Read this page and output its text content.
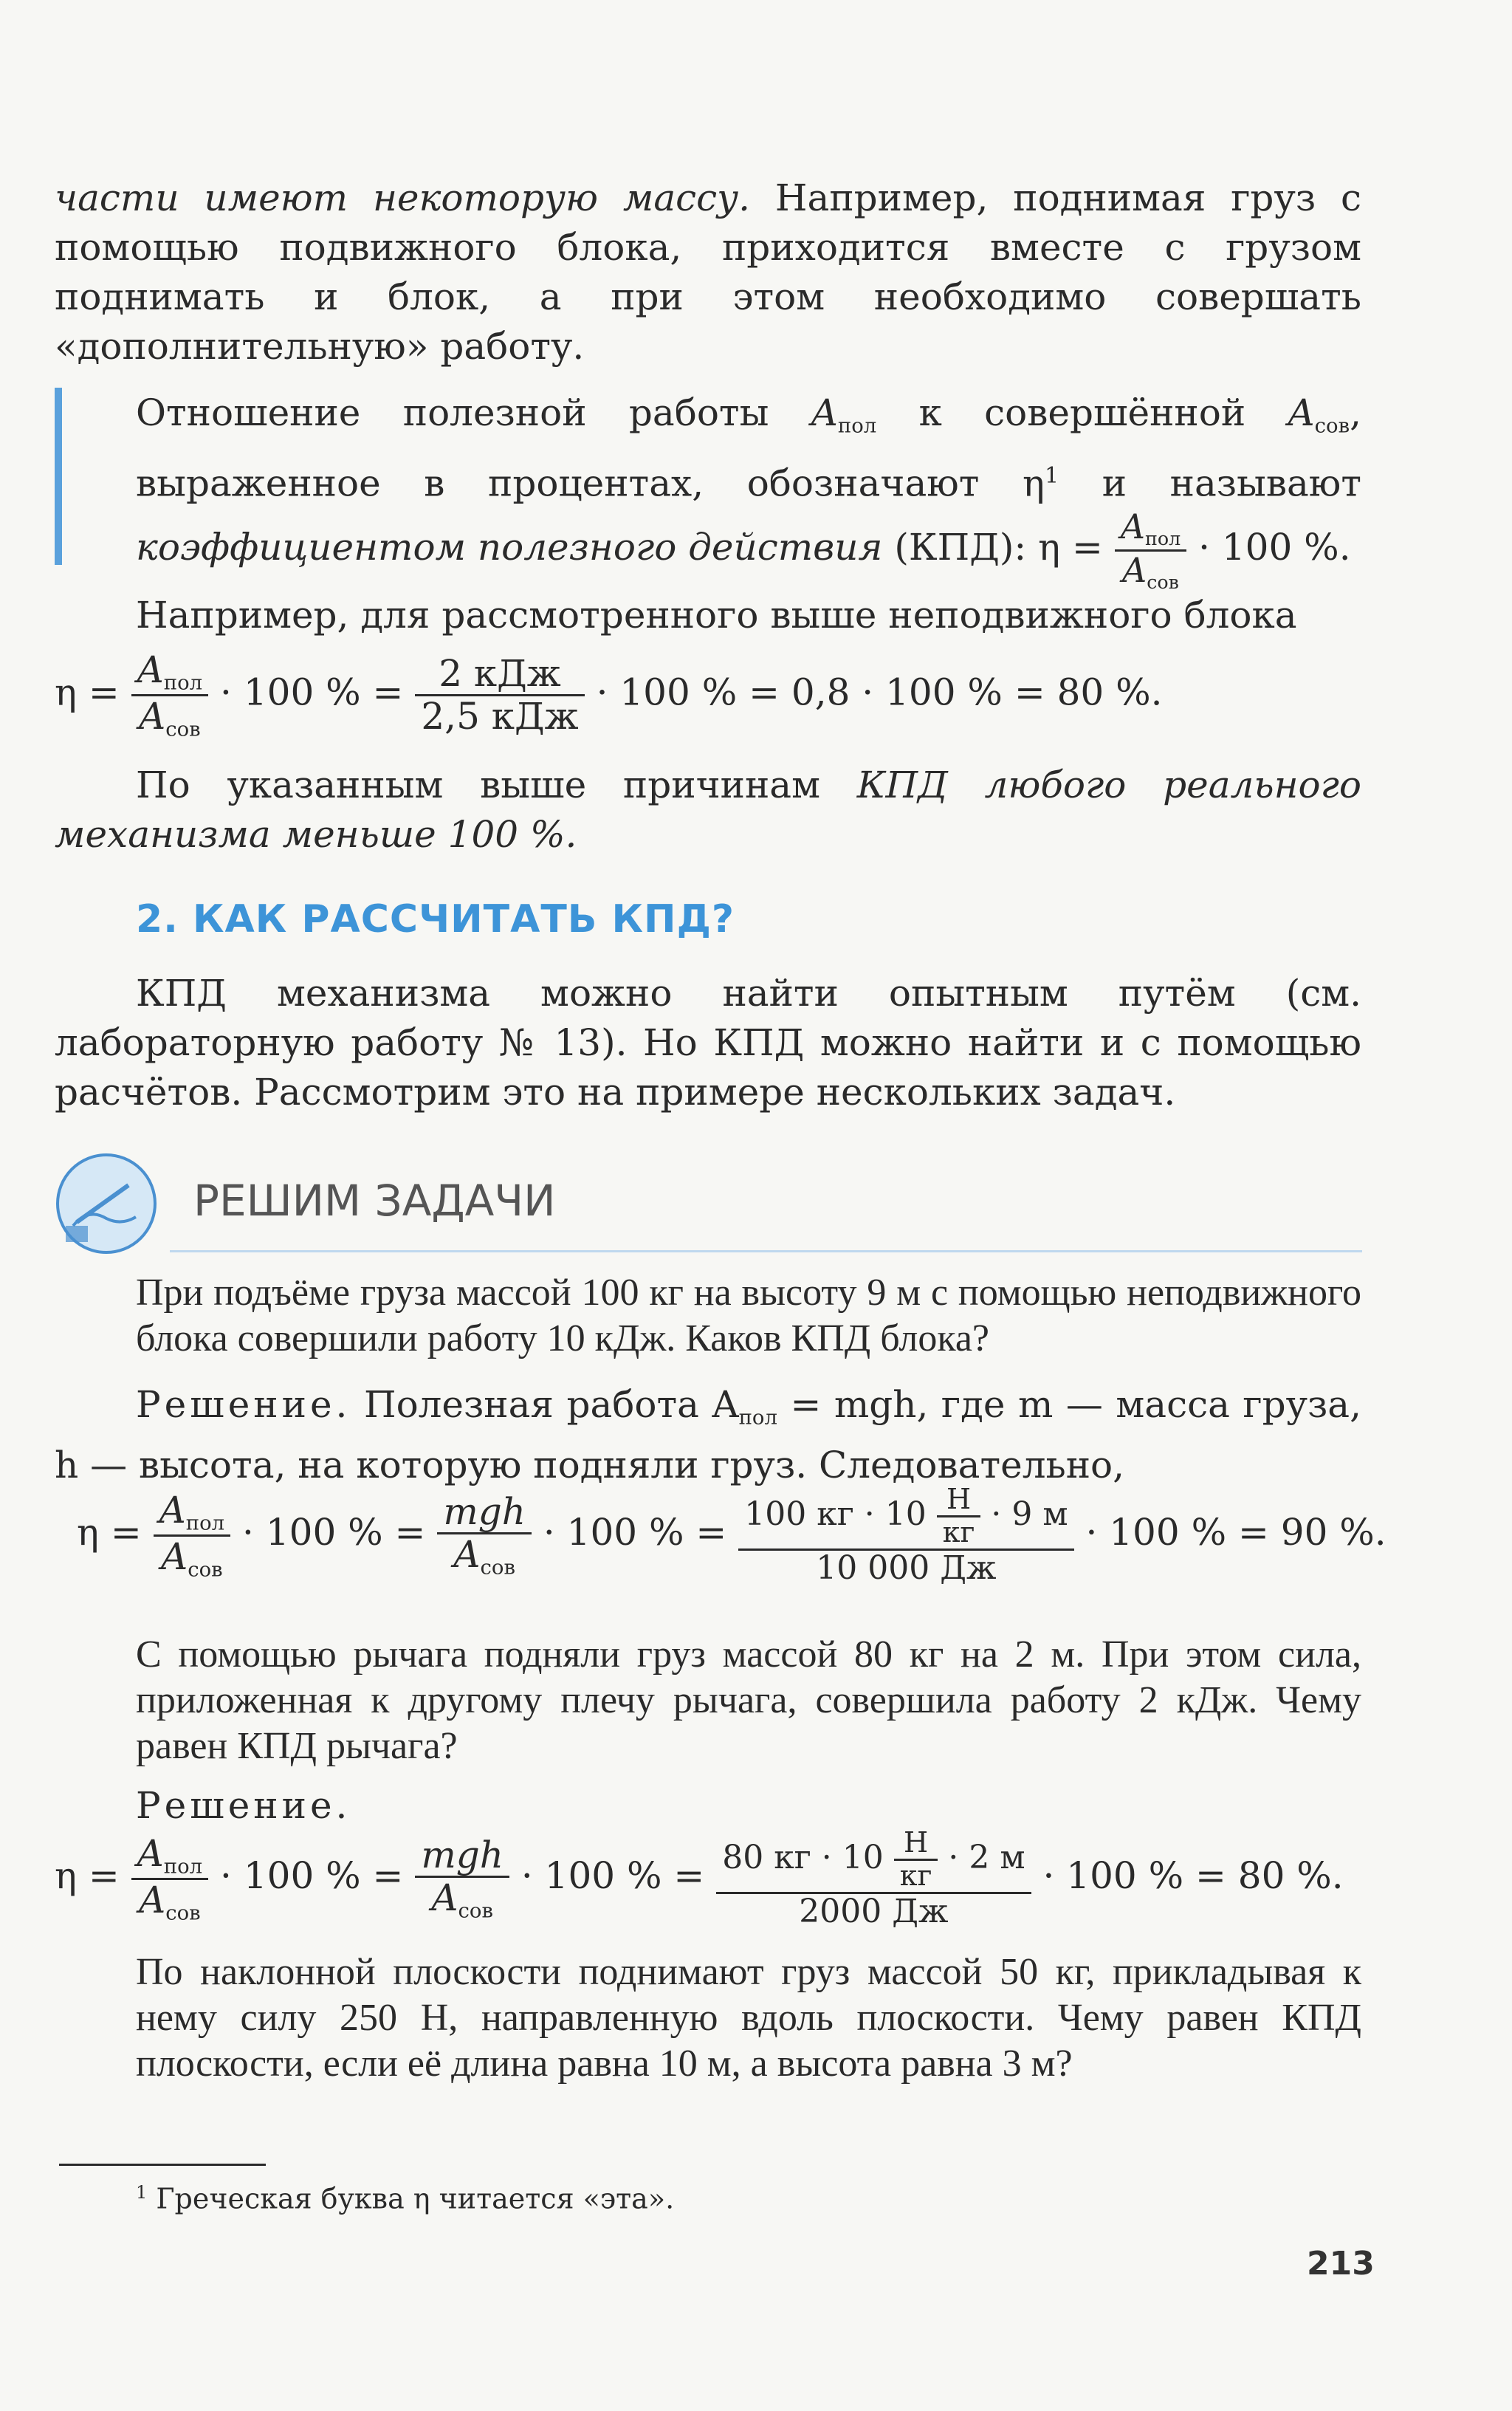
части имеют некоторую массу. Например, поднимая груз с помощью подвижного блока, приходится вместе с грузом поднимать и блок, а при этом необходимо совершать «дополнительную» работу.

Отношение полезной работы $A_{пол}$ к совершённой $A_{сов}$, выраженное в процентах, обозначают $\eta^1$ и называют коэффициентом полезного действия (КПД): $\eta = \frac{A_{пол}}{A_{сов}} \cdot 100$ %.

Например, для рассмотренного выше неподвижного блока

$\eta = \frac{A_{пол}}{A_{сов}} \cdot 100$ % = $\frac{\text{2 кДж}}{\text{2,5 кДж}} \cdot 100$ % = 0,8 · 100 % = 80 %.

По указанным выше причинам КПД любого реального механизма меньше 100 %.

2. КАК РАССЧИТАТЬ КПД?

КПД механизма можно найти опытным путём (см. лабораторную работу № 13). Но КПД можно найти и с помощью расчётов. Рассмотрим это на примере нескольких задач.

РЕШИМ ЗАДАЧИ

При подъёме груза массой 100 кг на высоту 9 м с помощью неподвижного блока совершили работу 10 кДж. Каков КПД блока?

Решение. Полезная работа $A_{пол}$ = mgh, где m — масса груза, h — высота, на которую подняли груз. Следовательно,

$\eta = \frac{A_{пол}}{A_{сов}} \cdot 100$ % = $\frac{\text{mgh}}{A_{сов}} \cdot 100$ % = $\frac{100 кг \cdot 10 \frac{Н}{кг} \cdot 9 м}{10 000 Дж} \cdot 100$ % = 90 %.

С помощью рычага подняли груз массой 80 кг на 2 м. При этом сила, приложенная к другому плечу рычага, совершила работу 2 кДж. Чему равен КПД рычага?

Решение.

$\eta = \frac{A_{пол}}{A_{сов}} \cdot 100$ % = $\frac{\text{mgh}}{A_{сов}} \cdot 100$ % = $\frac{80 кг \cdot 10 \frac{Н}{кг} \cdot 2 м}{2000 Дж} \cdot 100$ % = 80 %.

По наклонной плоскости поднимают груз массой 50 кг, прикладывая к нему силу 250 Н, направленную вдоль плоскости. Чему равен КПД плоскости, если её длина равна 10 м, а высота равна 3 м?

$^1$ Греческая буква η читается «эта».
213
